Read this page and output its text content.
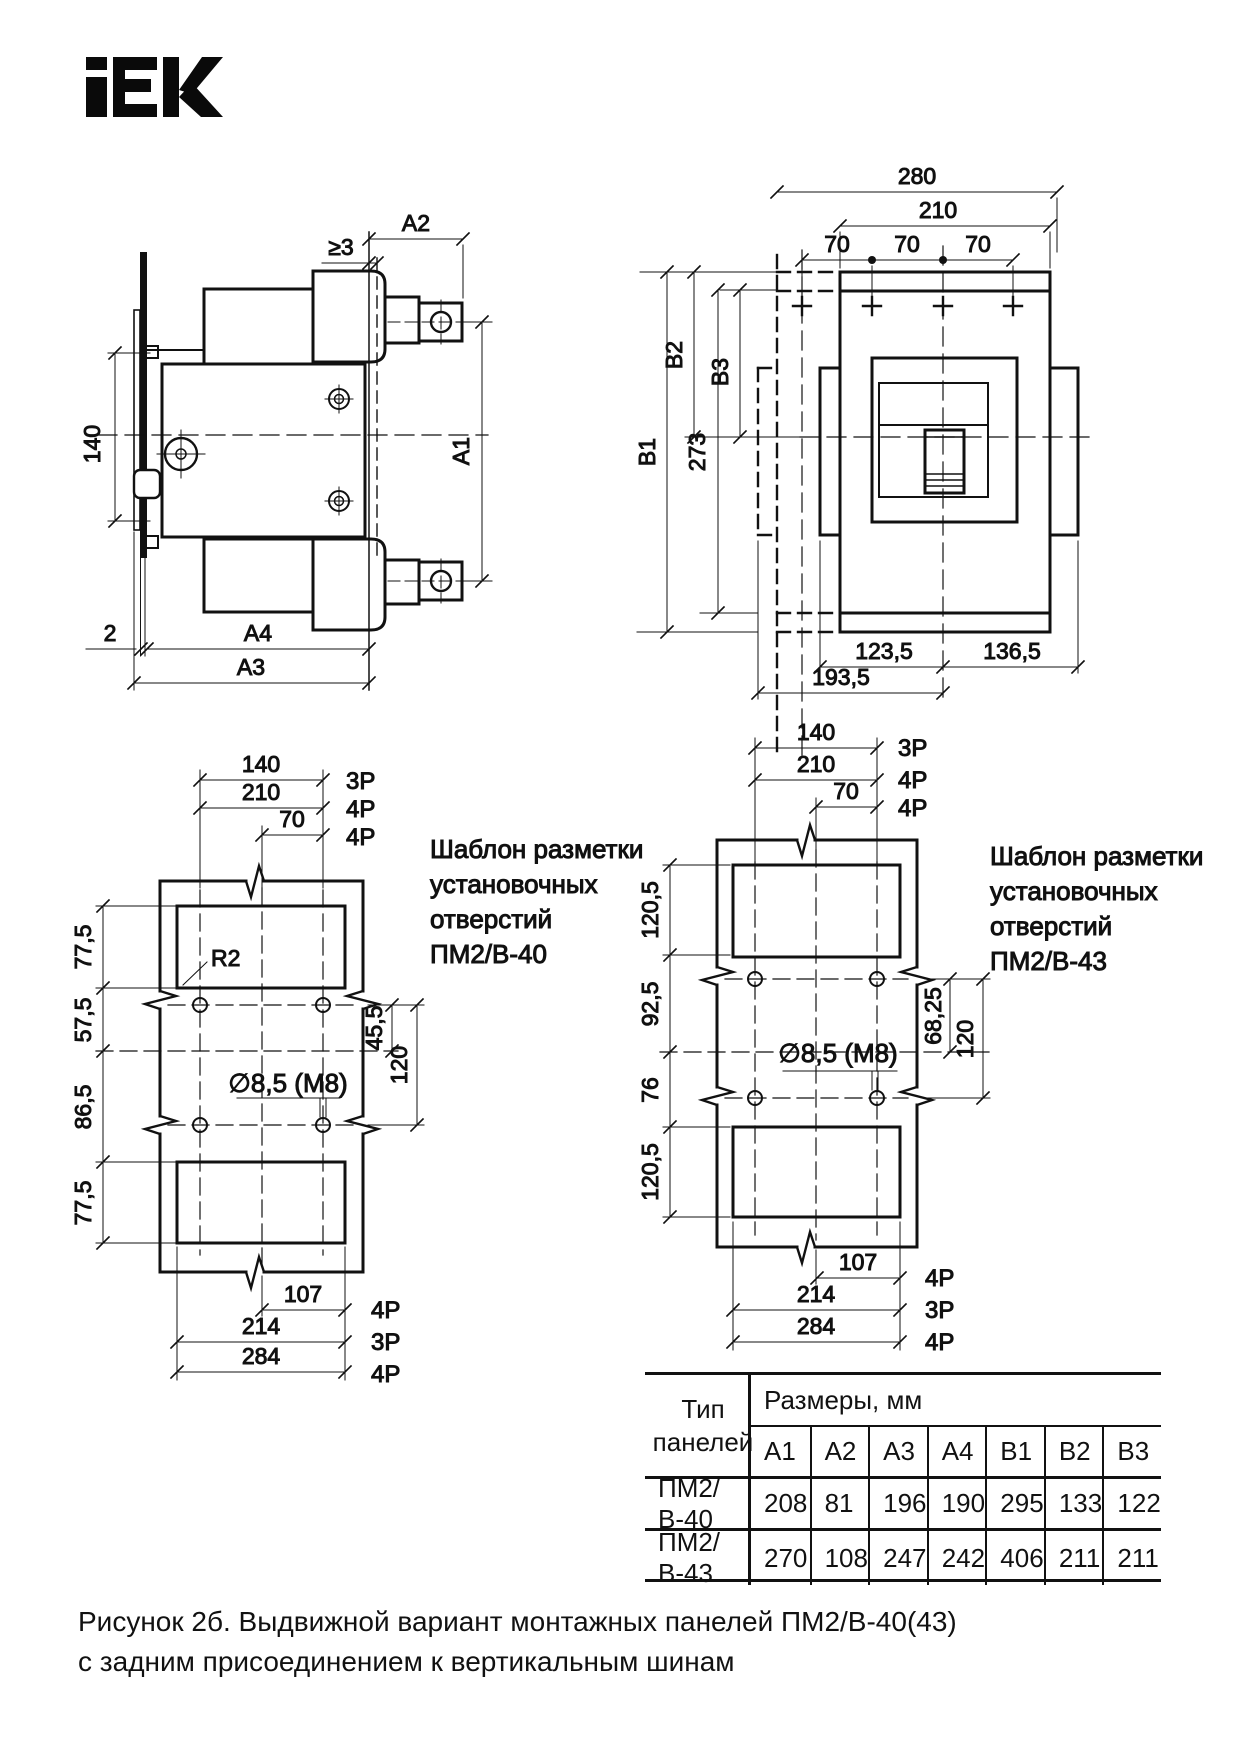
A2
≥3
140	A1
2	A4
A3
280
210
70 70 70
B1
B2
B3
273
123,5	136,5
193,5
140
210
70
3P
4P
4P
77,5
57,5
86,5
77,5
45,5
120
R2
∅8,5 (M8)
107
214
284
4P
3P
4P
Шаблон разметки
установочных
отверстий
ПМ2/В-40
140
210
70
3P
4P
4P
120,5
92,5
76
120,5
68,25 120
∅8,5 (M8)
107
214
284
4P
3P
4P
Шаблон разметки
установочных
отверстий
ПМ2/В-43
Тип
панелей
Размеры, мм
A1	A2	A3	A4	B1	B2	B3
ПМ2/В-40
208 81	196 190 295 133 122
ПМ2/В-43
270 108 247 242 406 211 211
Рисунок 2б. Выдвижной вариант монтажных панелей ПМ2/В-40(43)
с задним присоединением к вертикальным шинам
